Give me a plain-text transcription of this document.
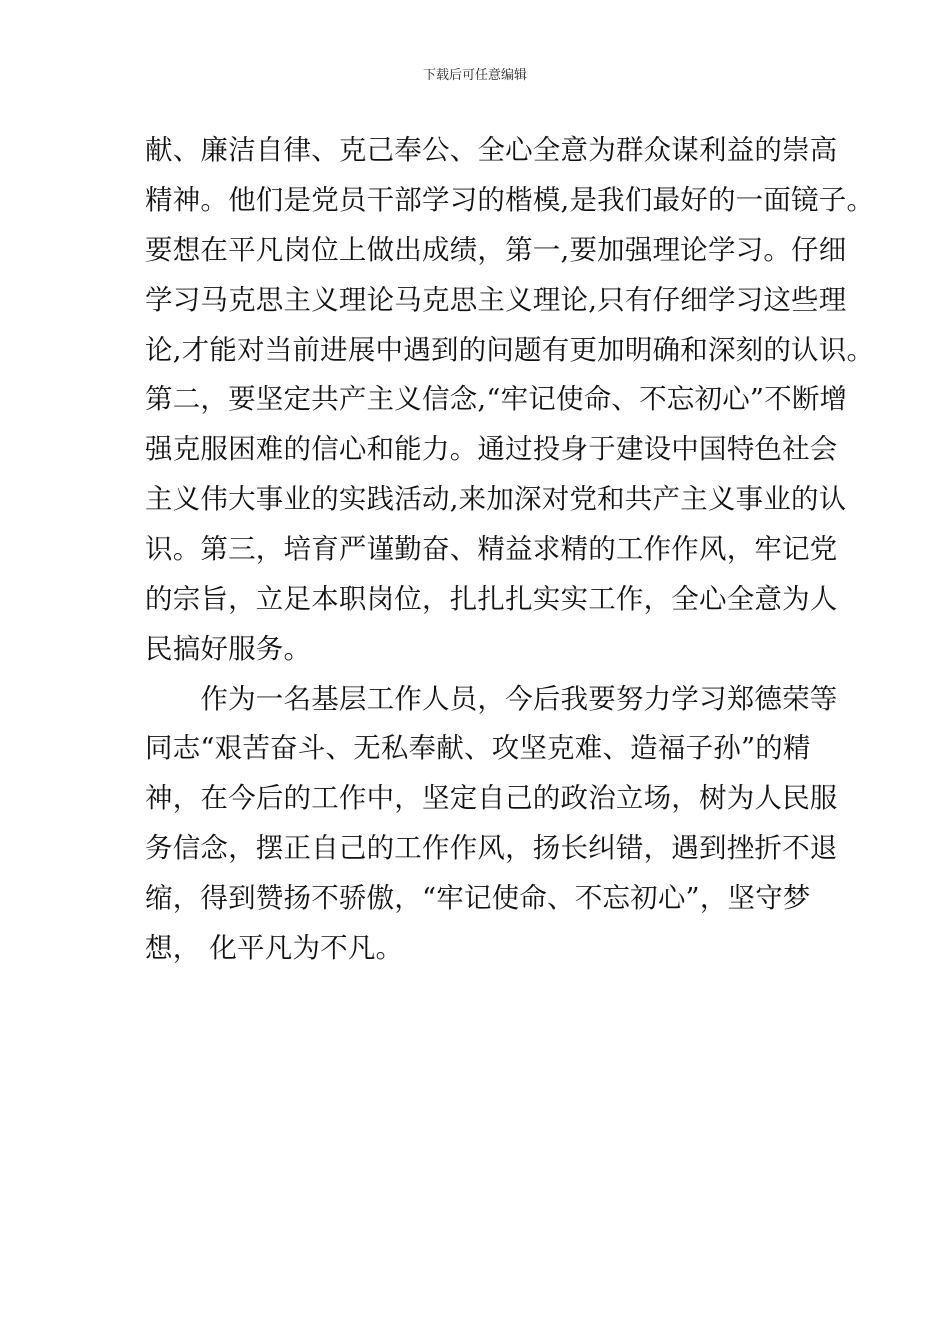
下载后可任意编辑
献、廉洁自律、克己奉公、全心全意为群众谋利益的崇高
精神。他们是党员干部学习的楷模,是我们最好的一面镜子。
要想在平凡岗位上做出成绩，第一,要加强理论学习。仔细
学习马克思主义理论马克思主义理论,只有仔细学习这些理
论,才能对当前进展中遇到的问题有更加明确和深刻的认识。
第二，要坚定共产主义信念,“牢记使命、不忘初心”不断增
强克服困难的信心和能力。通过投身于建设中国特色社会
主义伟大事业的实践活动,来加深对党和共产主义事业的认
识。第三，培育严谨勤奋、精益求精的工作作风，牢记党
的宗旨，立足本职岗位，扎扎扎实实工作，全心全意为人
民搞好服务。
　　作为一名基层工作人员，今后我要努力学习郑德荣等
同志“艰苦奋斗、无私奉献、攻坚克难、造福子孙”的精
神，在今后的工作中，坚定自己的政治立场，树为人民服
务信念，摆正自己的工作作风，扬长纠错，遇到挫折不退
缩，得到赞扬不骄傲，“牢记使命、不忘初心”，坚守梦
想， 化平凡为不凡。
